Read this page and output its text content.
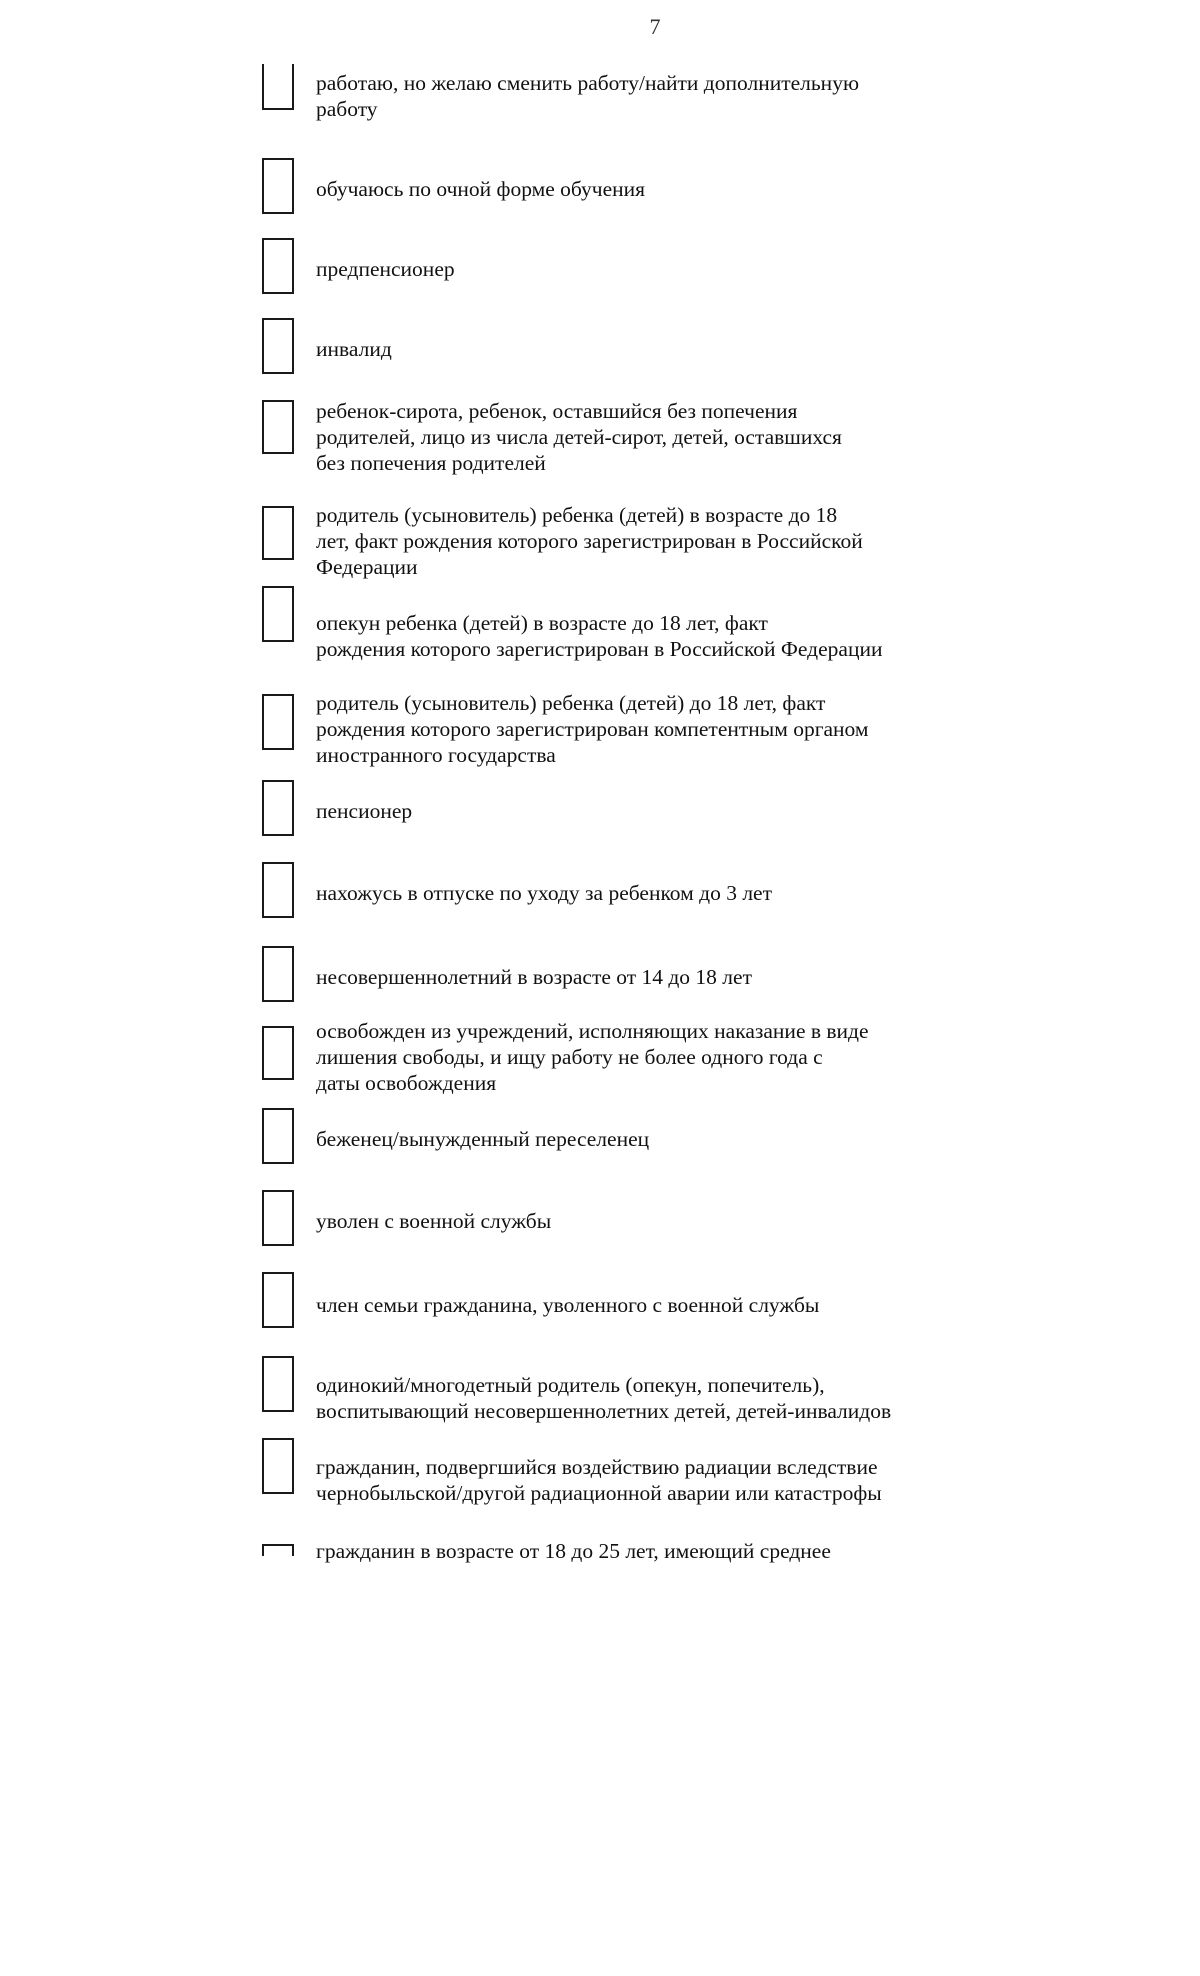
7
работаю, но желаю сменить работу/найти дополнительную
работу
обучаюсь по очной форме обучения
предпенсионер
инвалид
ребенок-сирота, ребенок, оставшийся без попечения
родителей, лицо из числа детей-сирот, детей, оставшихся
без попечения родителей
родитель (усыновитель) ребенка (детей) в возрасте до 18
лет, факт рождения которого зарегистрирован в Российской
Федерации
опекун ребенка (детей) в возрасте до 18 лет, факт
рождения которого зарегистрирован в Российской Федерации
родитель (усыновитель) ребенка (детей) до 18 лет, факт
рождения которого зарегистрирован компетентным органом
иностранного государства
пенсионер
нахожусь в отпуске по уходу за ребенком до 3 лет
несовершеннолетний в возрасте от 14 до 18 лет
освобожден из учреждений, исполняющих наказание в виде
лишения свободы, и ищу работу не более одного года с
даты освобождения
беженец/вынужденный переселенец
уволен с военной службы
член семьи гражданина, уволенного с военной службы
одинокий/многодетный родитель (опекун, попечитель),
воспитывающий несовершеннолетних детей, детей-инвалидов
гражданин, подвергшийся воздействию радиации вследствие
чернобыльской/другой радиационной аварии или катастрофы
гражданин в возрасте от 18 до 25 лет, имеющий среднее
